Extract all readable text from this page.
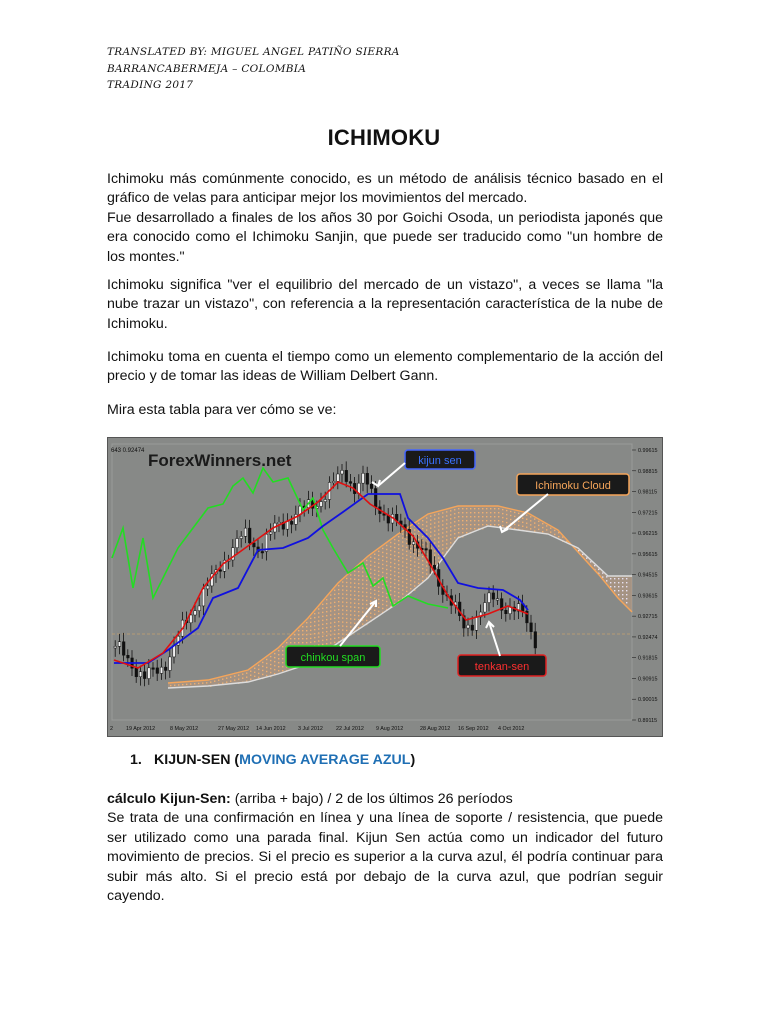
TRANSLATED BY: MIGUEL ANGEL PATIÑO SIERRA
BARRANCABERMEJA – COLOMBIA
TRADING 2017
ICHIMOKU
Ichimoku más comúnmente conocido, es un método de análisis técnico basado en el gráfico de velas para anticipar mejor los movimientos del mercado.
Fue desarrollado a finales de los años 30 por Goichi Osoda, un periodista japonés que era conocido como el Ichimoku Sanjin, que puede ser traducido como "un hombre de los montes."
Ichimoku significa "ver el equilibrio del mercado de un vistazo", a veces se llama "la nube trazar un vistazo", con referencia a la representación característica de la nube de Ichimoku.
Ichimoku toma en cuenta el tiempo como un elemento complementario de la acción del precio y de tomar las ideas de William Delbert Gann.
Mira esta tabla para ver cómo se ve:
0.99615
0.98815
0.98115
0.97215
0.96215
0.95615
0.94515
0.93615
0.92715
0.92474
0.91815
0.90915
0.90015
0.89115
2 19 Apr 2012	8 May 2012	27 May 2012 14 Jun 2012 3 Jul 2012 22 Jul 2012 9 Aug 2012	28 Aug 2012 16 Sep 2012 4 Oct 2012
643 0.92474 ForexWinners.net	kijun sen
Ichimoku Cloud
chinkou span
tenkan-sen
1. KIJUN-SEN (MOVING AVERAGE AZUL)
cálculo Kijun-Sen: (arriba + bajo) / 2 de los últimos 26 períodos
Se trata de una confirmación en línea y una línea de soporte / resistencia, que puede ser utilizado como una parada final. Kijun Sen actúa como un indicador del futuro movimiento de precios. Si el precio es superior a la curva azul, él podría continuar para subir más alto. Si el precio está por debajo de la curva azul, que podrían seguir cayendo.
